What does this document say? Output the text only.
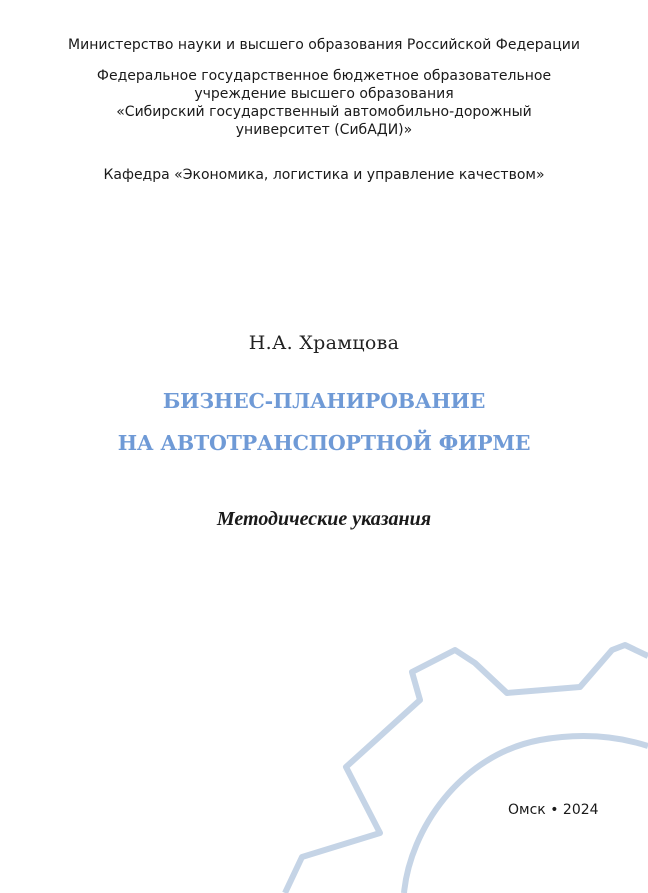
Министерство науки и высшего образования Российской Федерации
Федеральное государственное бюджетное образовательное
учреждение высшего образования
«Сибирский государственный автомобильно-дорожный
университет (СибАДИ)»
Кафедра «Экономика, логистика и управление качеством»
Н.А. Храмцова
БИЗНЕС-ПЛАНИРОВАНИЕ
НА АВТОТРАНСПОРТНОЙ ФИРМЕ
Методические указания
Омск • 2024
